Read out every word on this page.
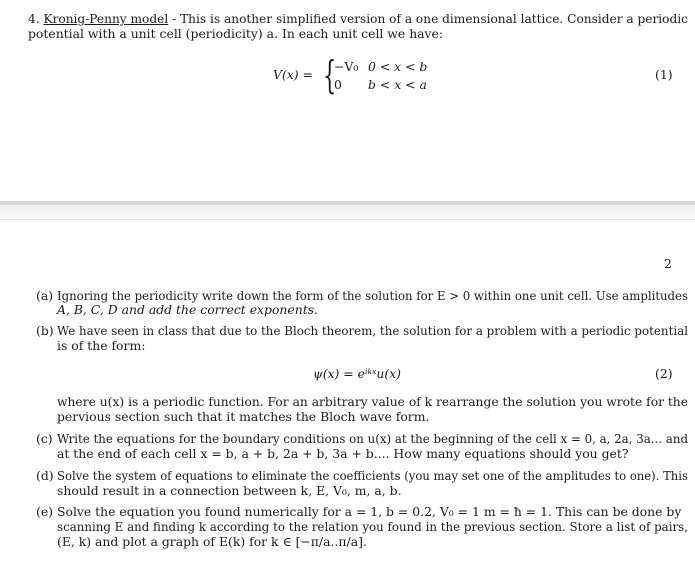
4. Kronig-Penny model - This is another simplified version of a one dimensional lattice. Consider a periodic
potential with a unit cell (periodicity) a. In each unit cell we have:
V(x) = {
−V₀ 0 < x < b
0 b < x < a
(1)
2
(a) Ignoring the periodicity write down the form of the solution for E > 0 within one unit cell. Use amplitudes
A, B, C, D and add the correct exponents.
(b) We have seen in class that due to the Bloch theorem, the solution for a problem with a periodic potential
is of the form:
ψ(x) = eⁱᵏˣu(x)	(2)
where u(x) is a periodic function. For an arbitrary value of k rearrange the solution you wrote for the
pervious section such that it matches the Bloch wave form.
(c) Write the equations for the boundary conditions on u(x) at the beginning of the cell x = 0, a, 2a, 3a... and
at the end of each cell x = b, a + b, 2a + b, 3a + b.... How many equations should you get?
(d) Solve the system of equations to eliminate the coefficients (you may set one of the amplitudes to one). This
should result in a connection between k, E, V₀, m, a, b.
(e) Solve the equation you found numerically for a = 1, b = 0.2, V₀ = 1 m = ħ = 1. This can be done by
scanning E and finding k according to the relation you found in the previous section. Store a list of pairs,
(E, k) and plot a graph of E(k) for k ∈ [−π/a..π/a].
